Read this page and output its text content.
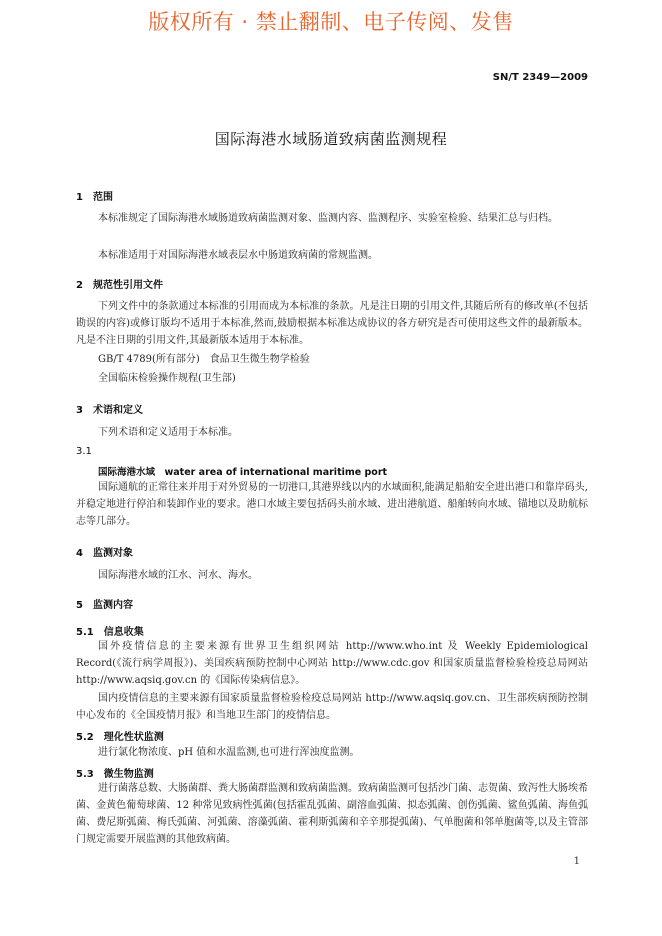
版权所有 · 禁止翻制、电子传阅、发售
SN/T 2349—2009
国际海港水域肠道致病菌监测规程
1　范围
本标准规定了国际海港水域肠道致病菌监测对象、监测内容、监测程序、实验室检验、结果汇总与归档。
本标准适用于对国际海港水域表层水中肠道致病菌的常规监测。
2　规范性引用文件
下列文件中的条款通过本标准的引用而成为本标准的条款。凡是注日期的引用文件,其随后所有的修改单(不包括勘误的内容)或修订版均不适用于本标准,然而,鼓励根据本标准达成协议的各方研究是否可使用这些文件的最新版本。凡是不注日期的引用文件,其最新版本适用于本标准。
GB/T 4789(所有部分)　食品卫生微生物学检验
全国临床检验操作规程(卫生部)
3　术语和定义
下列术语和定义适用于本标准。
3.1
国际海港水域　water area of international maritime port
国际通航的正常往来并用于对外贸易的一切港口,其港界线以内的水域面积,能满足船舶安全进出港口和靠岸码头,并稳定地进行停泊和装卸作业的要求。港口水域主要包括码头前水域、进出港航道、船舶转向水域、锚地以及助航标志等几部分。
4　监测对象
国际海港水域的江水、河水、海水。
5　监测内容
5.1　信息收集
国外疫情信息的主要来源有世界卫生组织网站 http://www.who.int 及 Weekly Epidemiological Record(《流行病学周报》)、美国疾病预防控制中心网站 http://www.cdc.gov 和国家质量监督检验检疫总局网站 http://www.aqsiq.gov.cn 的《国际传染病信息》。
国内疫情信息的主要来源有国家质量监督检验检疫总局网站 http://www.aqsiq.gov.cn、卫生部疾病预防控制中心发布的《全国疫情月报》和当地卫生部门的疫情信息。
5.2　理化性状监测
进行氯化物浓度、pH 值和水温监测,也可进行浑浊度监测。
5.3　微生物监测
进行菌落总数、大肠菌群、粪大肠菌群监测和致病菌监测。致病菌监测可包括沙门菌、志贺菌、致泻性大肠埃希菌、金黄色葡萄球菌、12 种常见致病性弧菌(包括霍乱弧菌、副溶血弧菌、拟态弧菌、创伤弧菌、鲨鱼弧菌、海鱼弧菌、费尼斯弧菌、梅氏弧菌、河弧菌、溶藻弧菌、霍利斯弧菌和辛辛那提弧菌)、气单胞菌和邻单胞菌等,以及主管部门规定需要开展监测的其他致病菌。
1
